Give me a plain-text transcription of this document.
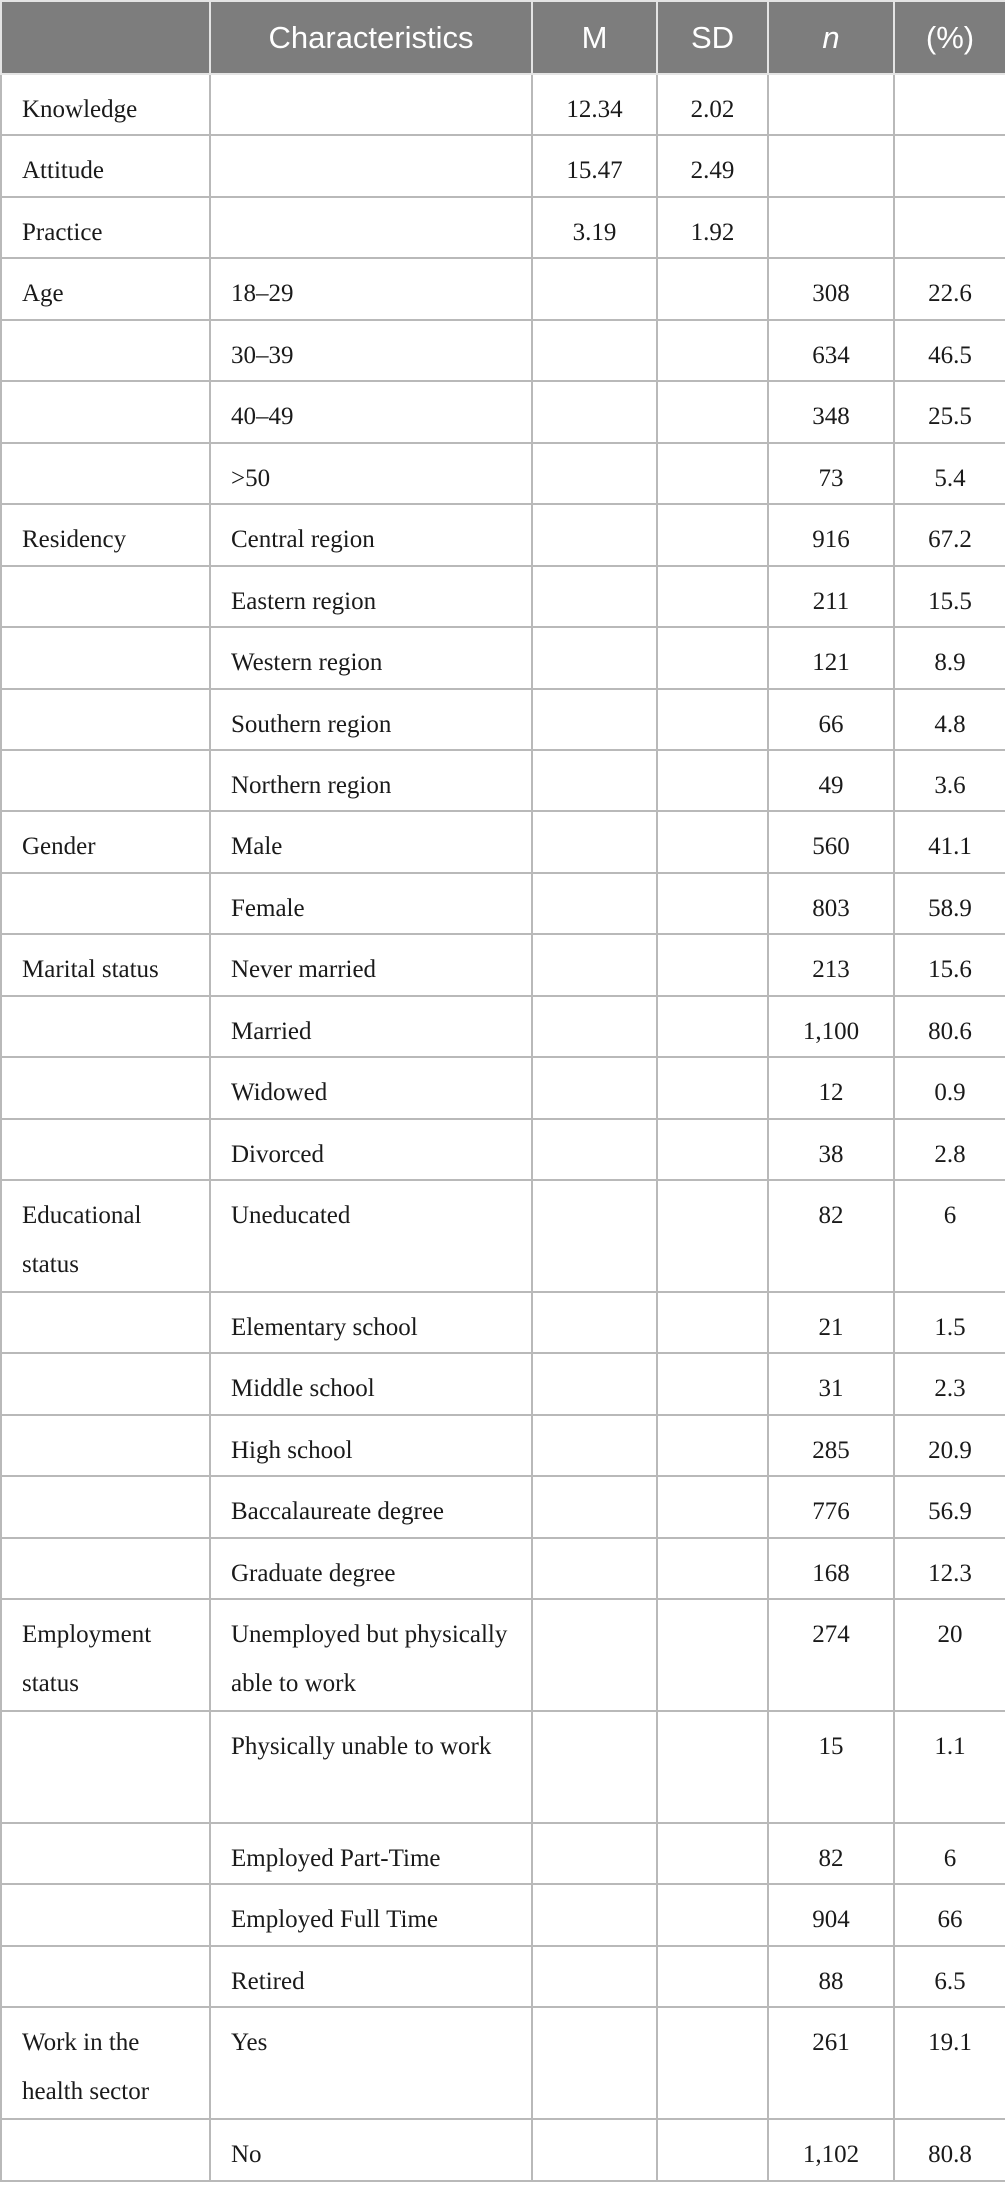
	Characteristics	M	SD	n	(%)
Knowledge		12.34	2.02		
Attitude		15.47	2.49		
Practice		3.19	1.92		
Age	18–29			308	22.6
	30–39			634	46.5
	40–49			348	25.5
	>50			73	5.4
Residency	Central region			916	67.2
	Eastern region			211	15.5
	Western region			121	8.9
	Southern region			66	4.8
	Northern region			49	3.6
Gender	Male			560	41.1
	Female			803	58.9
Marital status	Never married			213	15.6
	Married			1,100	80.6
	Widowed			12	0.9
	Divorced			38	2.8
Educational status	Uneducated			82	6
	Elementary school			21	1.5
	Middle school			31	2.3
	High school			285	20.9
	Baccalaureate degree			776	56.9
	Graduate degree			168	12.3
Employment status	Unemployed but physically able to work			274	20
	Physically unable to work			15	1.1
	Employed Part-Time			82	6
	Employed Full Time			904	66
	Retired			88	6.5
Work in the health sector	Yes			261	19.1
	No			1,102	80.8
